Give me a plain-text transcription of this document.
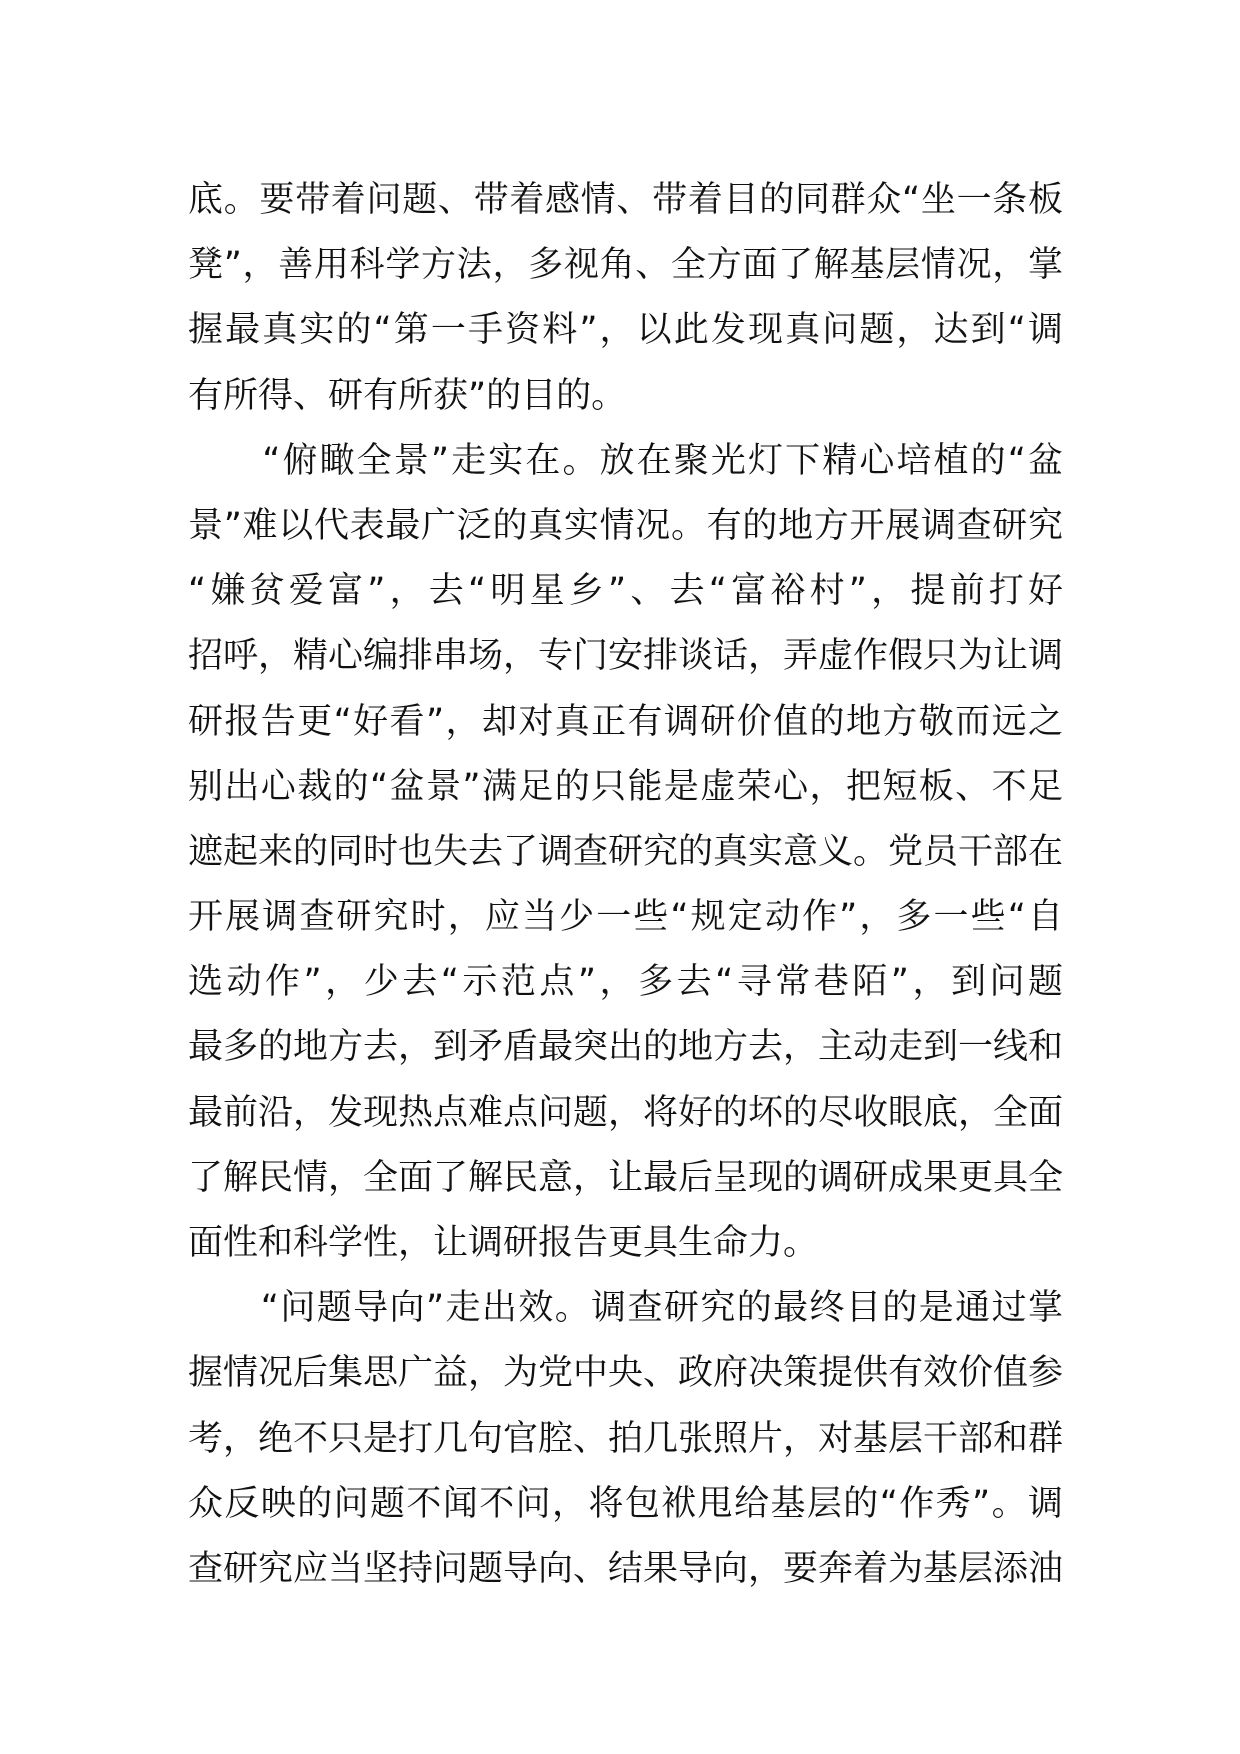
底。要带着问题、带着感情、带着目的同群众“坐一条板
凳”，善用科学方法，多视角、全方面了解基层情况，掌
握最真实的“第一手资料”，以此发现真问题，达到“调
有所得、研有所获”的目的。
　　“俯瞰全景”走实在。放在聚光灯下精心培植的“盆
景”难以代表最广泛的真实情况。有的地方开展调查研究
“嫌贫爱富”，去“明星乡”、去“富裕村”，提前打好
招呼，精心编排串场，专门安排谈话，弄虚作假只为让调
研报告更“好看”，却对真正有调研价值的地方敬而远之
别出心裁的“盆景”满足的只能是虚荣心，把短板、不足
遮起来的同时也失去了调查研究的真实意义。党员干部在
开展调查研究时，应当少一些“规定动作”，多一些“自
选动作”，少去“示范点”，多去“寻常巷陌”，到问题
最多的地方去，到矛盾最突出的地方去，主动走到一线和
最前沿，发现热点难点问题，将好的坏的尽收眼底，全面
了解民情，全面了解民意，让最后呈现的调研成果更具全
面性和科学性，让调研报告更具生命力。
　　“问题导向”走出效。调查研究的最终目的是通过掌
握情况后集思广益，为党中央、政府决策提供有效价值参
考，绝不只是打几句官腔、拍几张照片，对基层干部和群
众反映的问题不闻不问，将包袱甩给基层的“作秀”。调
查研究应当坚持问题导向、结果导向，要奔着为基层添油
